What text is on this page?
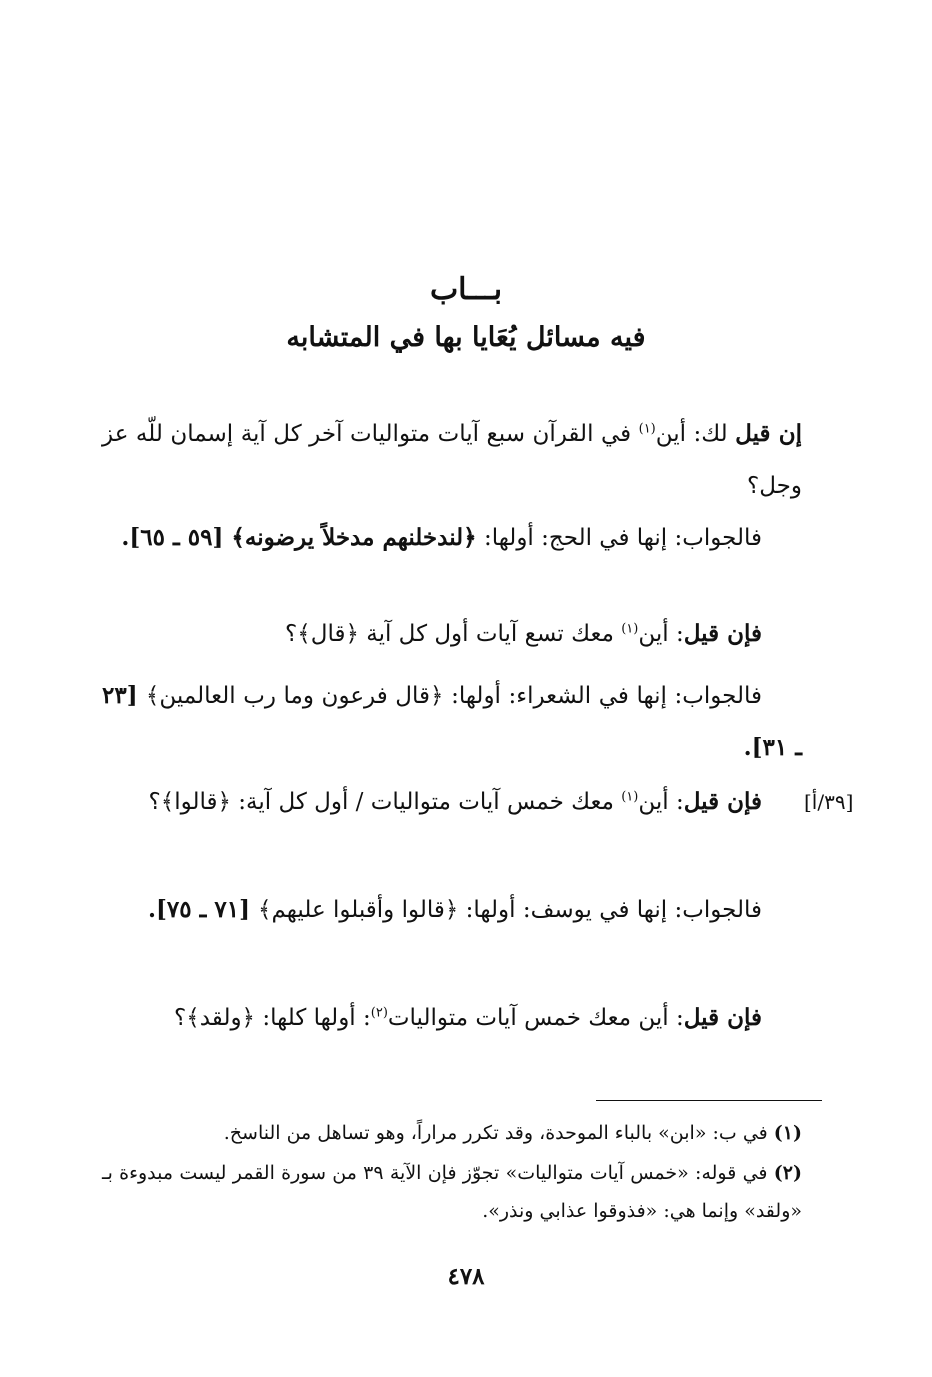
بـــاب
فيه مسائل يُعَايا بها في المتشابه
إن قيل لك: أين$^{(١)}$ في القرآن سبع آيات متواليات آخر كل آية إسمان للّه عز وجل؟
فالجواب: إنها في الحج: أولها: ﴿لندخلنهم مدخلاً يرضونه﴾ [٥٩ ـ ٦٥].
فإن قيل: أين$^{(١)}$ معك تسع آيات أول كل آية ﴿قال﴾؟
فالجواب: إنها في الشعراء: أولها: ﴿قال فرعون وما رب العالمين﴾ [٢٣ ـ ٣١].
فإن قيل: أين$^{(١)}$ معك خمس آيات متواليات / أول كل آية: ﴿قالوا﴾؟	[٣٩/أ]
فالجواب: إنها في يوسف: أولها: ﴿قالوا وأقبلوا عليهم﴾ [٧١ ـ ٧٥].
فإن قيل: أين معك خمس آيات متواليات$^{(٢)}$: أولها كلها: ﴿ولقد﴾؟
(١) في ب: «ابن» بالباء الموحدة، وقد تكرر مراراً، وهو تساهل من الناسخ.
(٢) في قوله: «خمس آيات متواليات» تجوّز فإن الآية ٣٩ من سورة القمر ليست مبدوءة بـ «ولقد» وإنما هي: «فذوقوا عذابي ونذر».
٤٧٨
